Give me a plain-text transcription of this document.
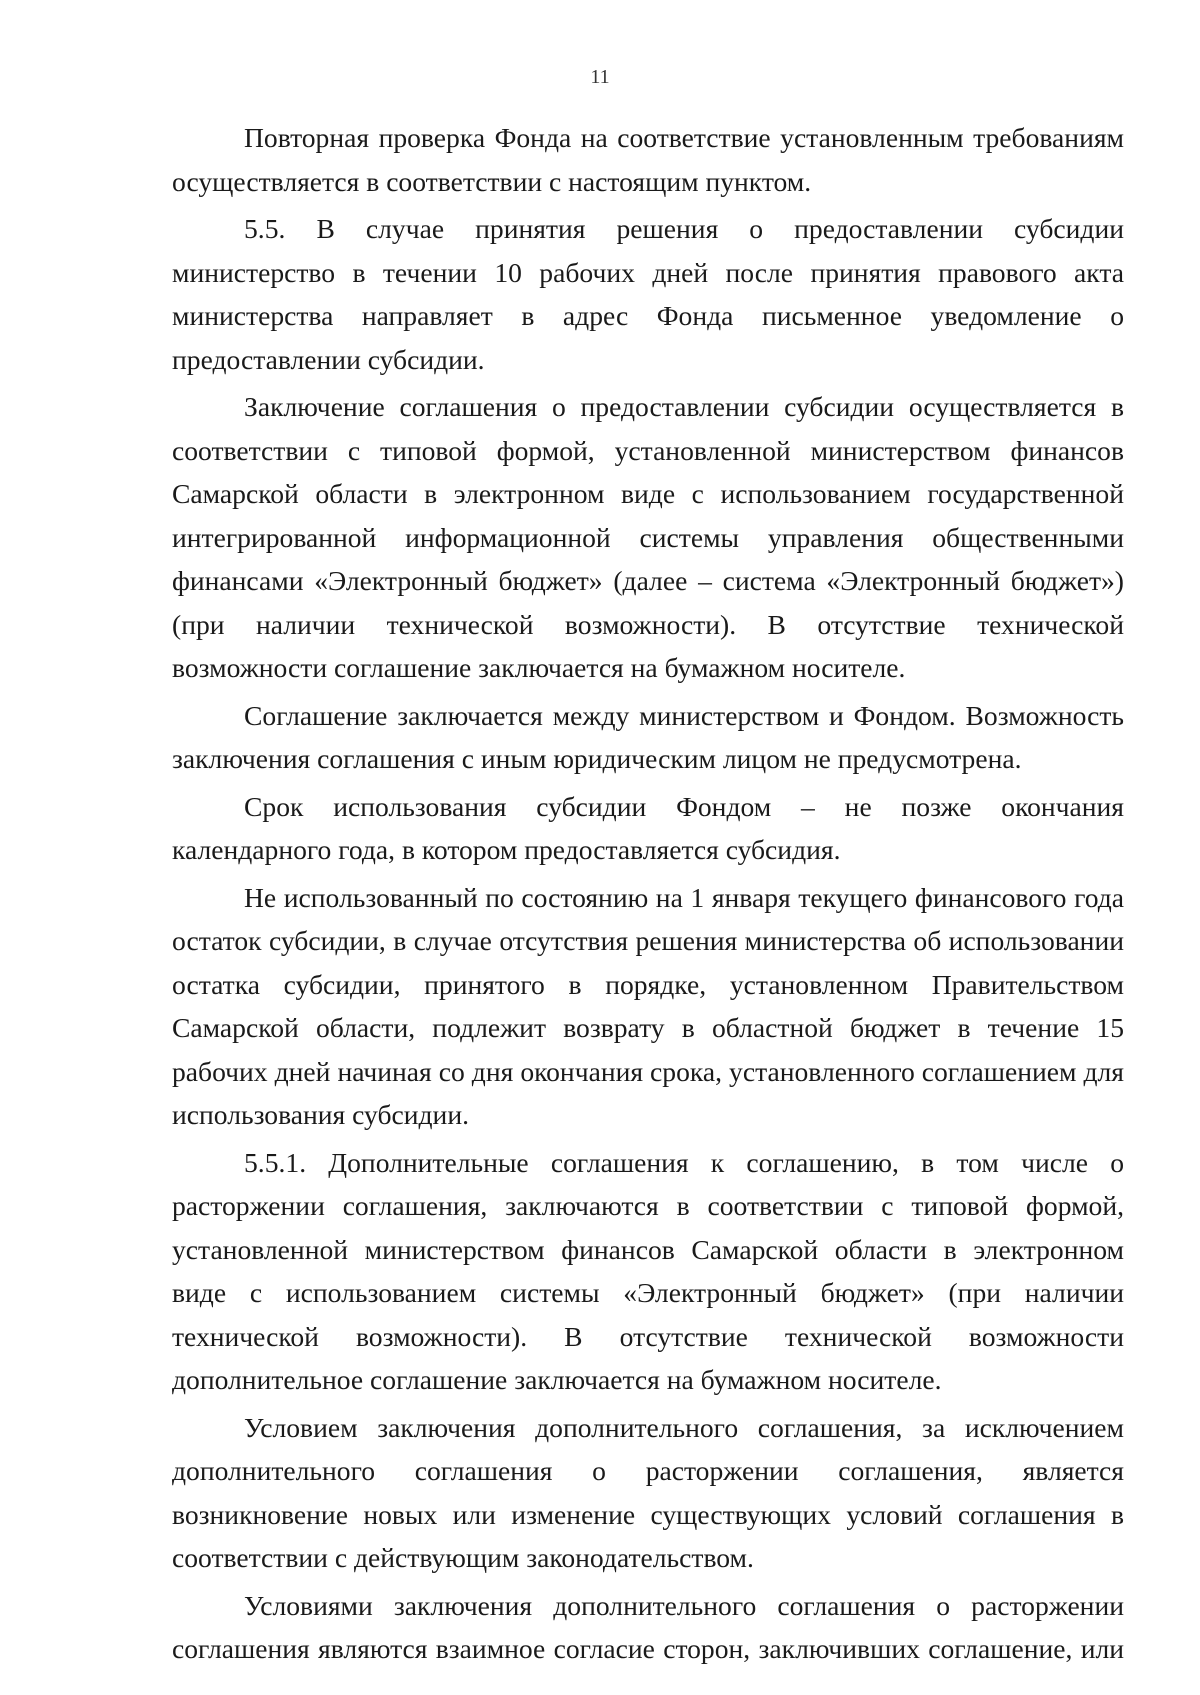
11

Повторная проверка Фонда на соответствие установленным требованиям осуществляется в соответствии с настоящим пунктом.

5.5. В случае принятия решения о предоставлении субсидии министерство в течении 10 рабочих дней после принятия правового акта министерства направляет в адрес Фонда письменное уведомление о предоставлении субсидии.

Заключение соглашения о предоставлении субсидии осуществляется в соответствии с типовой формой, установленной министерством финансов Самарской области в электронном виде с использованием государственной интегрированной информационной системы управления общественными финансами «Электронный бюджет» (далее – система «Электронный бюджет») (при наличии технической возможности). В отсутствие технической возможности соглашение заключается на бумажном носителе.

Соглашение заключается между министерством и Фондом. Возможность заключения соглашения с иным юридическим лицом не предусмотрена.

Срок использования субсидии Фондом – не позже окончания календарного года, в котором предоставляется субсидия.

Не использованный по состоянию на 1 января текущего финансового года остаток субсидии, в случае отсутствия решения министерства об использовании остатка субсидии, принятого в порядке, установленном Правительством Самарской области, подлежит возврату в областной бюджет в течение 15 рабочих дней начиная со дня окончания срока, установленного соглашением для использования субсидии.

5.5.1. Дополнительные соглашения к соглашению, в том числе о расторжении соглашения, заключаются в соответствии с типовой формой, установленной министерством финансов Самарской области в электронном виде с использованием системы «Электронный бюджет» (при наличии технической возможности). В отсутствие технической возможности дополнительное соглашение заключается на бумажном носителе.

Условием заключения дополнительного соглашения, за исключением дополнительного соглашения о расторжении соглашения, является возникновение новых или изменение существующих условий соглашения в соответствии с действующим законодательством.

Условиями заключения дополнительного соглашения о расторжении соглашения являются взаимное согласие сторон, заключивших соглашение, или
